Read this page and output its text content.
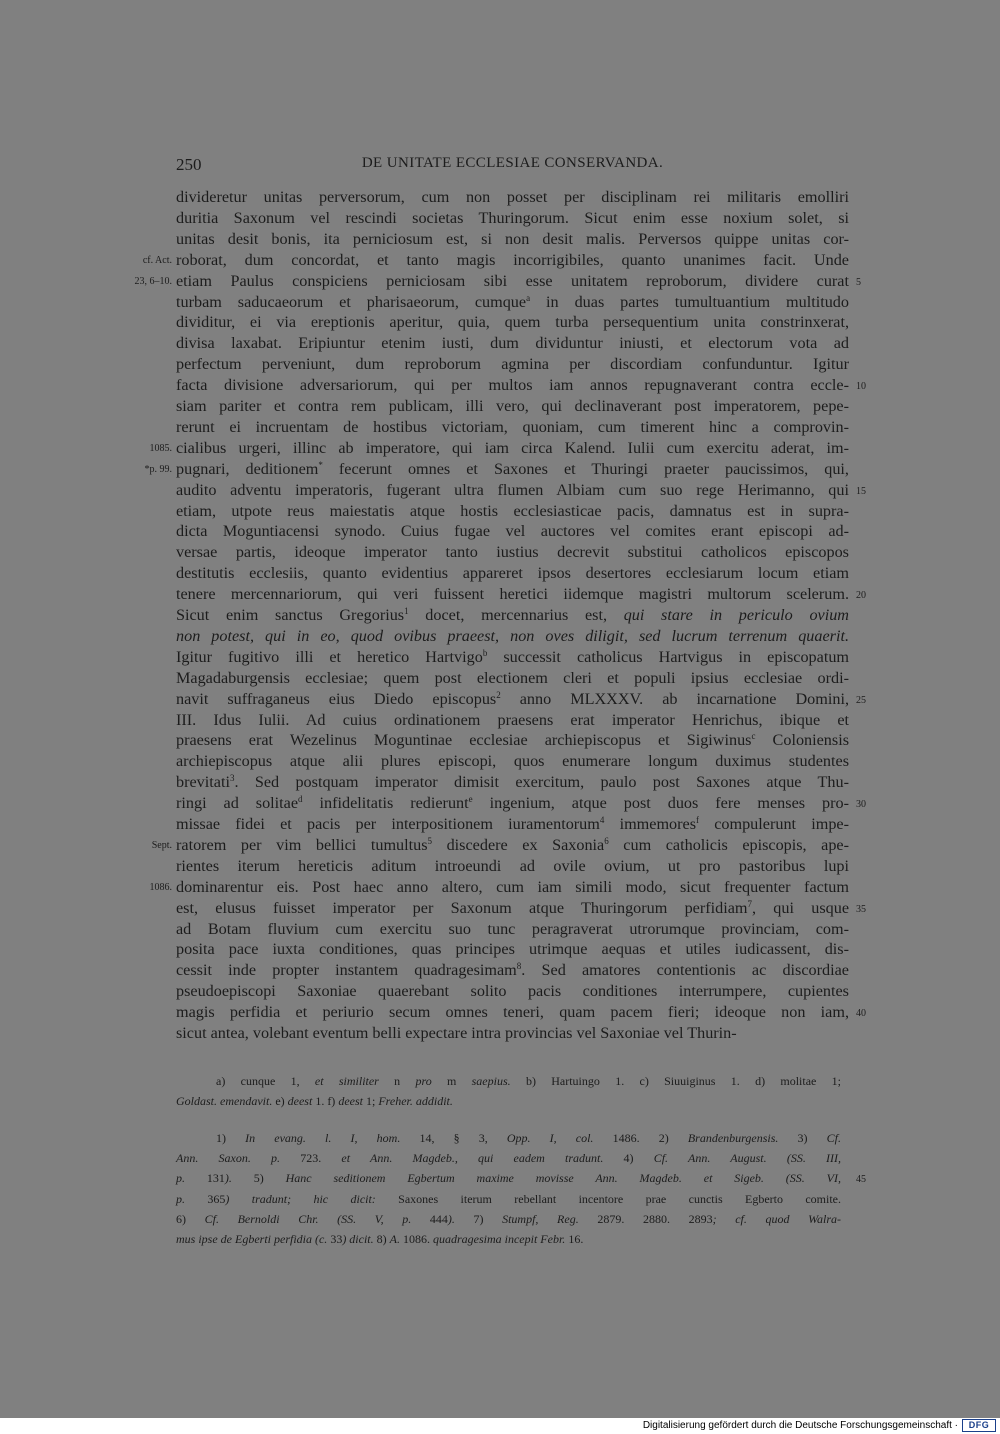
250	DE UNITATE ECCLESIAE CONSERVANDA.
divideretur unitas perversorum, cum non posset per disciplinam rei militaris emolliri
duritia Saxonum vel rescindi societas Thuringorum. Sicut enim esse noxium solet, si
unitas desit bonis, ita perniciosum est, si non desit malis. Perversos quippe unitas cor-
roborat, dum concordat, et tanto magis incorrigibiles, quanto unanimes facit. Unde
etiam Paulus conspiciens perniciosam sibi esse unitatem reproborum, dividere curat
turbam saducaeorum et pharisaeorum, cumque$^a$ in duas partes tumultuantium multitudo
dividitur, ei via ereptionis aperitur, quia, quem turba persequentium unita constrinxerat,
divisa laxabat. Eripiuntur etenim iusti, dum dividuntur iniusti, et electorum vota ad
perfectum perveniunt, dum reproborum agmina per discordiam confunduntur. Igitur
facta divisione adversariorum, qui per multos iam annos repugnaverant contra eccle-
siam pariter et contra rem publicam, illi vero, qui declinaverant post imperatorem, pepe-
rerunt ei incruentam de hostibus victoriam, quoniam, cum timerent hinc a comprovin-
cialibus urgeri, illinc ab imperatore, qui iam circa Kalend. Iulii cum exercitu aderat, im-
pugnari, deditionem* fecerunt omnes et Saxones et Thuringi praeter paucissimos, qui,
audito adventu imperatoris, fugerant ultra flumen Albiam cum suo rege Herimanno, qui
etiam, utpote reus maiestatis atque hostis ecclesiasticae pacis, damnatus est in supra-
dicta Moguntiacensi synodo. Cuius fugae vel auctores vel comites erant episcopi ad-
versae partis, ideoque imperator tanto iustius decrevit substitui catholicos episcopos
destitutis ecclesiis, quanto evidentius appareret ipsos desertores ecclesiarum locum etiam
tenere mercennariorum, qui veri fuissent heretici iidemque magistri multorum scelerum.
Sicut enim sanctus Gregorius$^1$ docet, mercennarius est, qui stare in periculo ovium
non potest, qui in eo, quod ovibus praeest, non oves diligit, sed lucrum terrenum quaerit.
Igitur fugitivo illi et heretico Hartvigo$^b$ successit catholicus Hartvigus in episcopatum
Magadaburgensis ecclesiae; quem post electionem cleri et populi ipsius ecclesiae ordi-
navit suffraganeus eius Diedo episcopus$^2$ anno MLXXXV. ab incarnatione Domini,
III. Idus Iulii. Ad cuius ordinationem praesens erat imperator Henrichus, ibique et
praesens erat Wezelinus Moguntinae ecclesiae archiepiscopus et Sigiwinus$^c$ Coloniensis
archiepiscopus atque alii plures episcopi, quos enumerare longum duximus studentes
brevitati$^3$. Sed postquam imperator dimisit exercitum, paulo post Saxones atque Thu-
ringi ad solitae$^d$ infidelitatis redierunt$^e$ ingenium, atque post duos fere menses pro-
missae fidei et pacis per interpositionem iuramentorum$^4$ immemores$^f$ compulerunt impe-
ratorem per vim bellici tumultus$^5$ discedere ex Saxonia$^6$ cum catholicis episcopis, ape-
rientes iterum hereticis aditum introeundi ad ovile ovium, ut pro pastoribus lupi
dominarentur eis. Post haec anno altero, cum iam simili modo, sicut frequenter factum
est, elusus fuisset imperator per Saxonum atque Thuringorum perfidiam$^7$, qui usque
ad Botam fluvium cum exercitu suo tunc peragraverat utrorumque provinciam, com-
posita pace iuxta conditiones, quas principes utrimque aequas et utiles iudicassent, dis-
cessit inde propter instantem quadragesimam$^8$. Sed amatores contentionis ac discordiae
pseudoepiscopi Saxoniae quaerebant solito pacis conditiones interrumpere, cupientes
magis perfidia et periurio secum omnes teneri, quam pacem fieri; ideoque non iam,
sicut antea, volebant eventum belli expectare intra provincias vel Saxoniae vel Thurin-
cf. Act.
23, 6–10.
1085.
*p. 99.
Sept.
1086.
5
10
15
20
25
30
35
40
45
a) cunque 1, et similiter n pro m saepius. b) Hartuingo 1. c) Siuuiginus 1. d) molitae 1;
Goldast. emendavit. e) deest 1. f) deest 1; Freher. addidit.
1) In evang. l. I, hom. 14, § 3, Opp. I, col. 1486. 2) Brandenburgensis. 3) Cf.
Ann. Saxon. p. 723. et Ann. Magdeb., qui eadem tradunt. 4) Cf. Ann. August. (SS. III,
p. 131). 5) Hanc seditionem Egbertum maxime movisse Ann. Magdeb. et Sigeb. (SS. VI,
p. 365) tradunt; hic dicit: Saxones iterum rebellant incentore prae cunctis Egberto comite.
6) Cf. Bernoldi Chr. (SS. V, p. 444). 7) Stumpf, Reg. 2879. 2880. 2893; cf. quod Walra-
mus ipse de Egberti perfidia (c. 33) dicit. 8) A. 1086. quadragesima incepit Febr. 16.
Digitalisierung gefördert durch die Deutsche Forschungsgemeinschaft ·	DFG
